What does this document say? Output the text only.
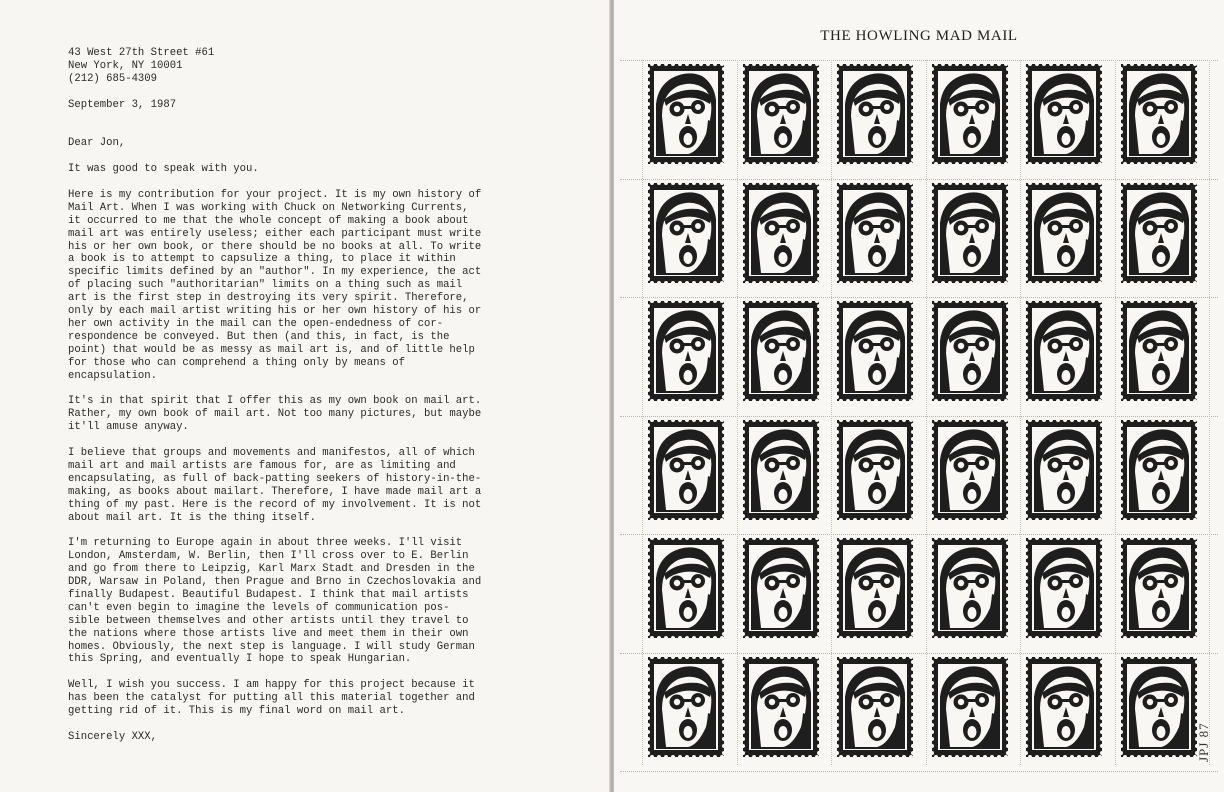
43 West 27th Street #61
New York, NY 10001
(212) 685-4309
September 3, 1987
Dear Jon,
It was good to speak with you.
Here is my contribution for your project. It is my own history of
Mail Art. When I was working with Chuck on Networking Currents,
it occurred to me that the whole concept of making a book about
mail art was entirely useless; either each participant must write
his or her own book, or there should be no books at all. To write
a book is to attempt to capsulize a thing, to place it within
specific limits defined by an "author". In my experience, the act
of placing such "authoritarian" limits on a thing such as mail
art is the first step in destroying its very spirit. Therefore,
only by each mail artist writing his or her own history of his or
her own activity in the mail can the open-endedness of cor-
respondence be conveyed. But then (and this, in fact, is the
point) that would be as messy as mail art is, and of little help
for those who can comprehend a thing only by means of
encapsulation.
It's in that spirit that I offer this as my own book on mail art.
Rather, my own book of mail art. Not too many pictures, but maybe
it'll amuse anyway.
I believe that groups and movements and manifestos, all of which
mail art and mail artists are famous for, are as limiting and
encapsulating, as full of back-patting seekers of history-in-the-
making, as books about mailart. Therefore, I have made mail art a
thing of my past. Here is the record of my involvement. It is not
about mail art. It is the thing itself.
I'm returning to Europe again in about three weeks. I'll visit
London, Amsterdam, W. Berlin, then I'll cross over to E. Berlin
and go from there to Leipzig, Karl Marx Stadt and Dresden in the
DDR, Warsaw in Poland, then Prague and Brno in Czechoslovakia and
finally Budapest. Beautiful Budapest. I think that mail artists
can't even begin to imagine the levels of communication pos-
sible between themselves and other artists until they travel to
the nations where those artists live and meet them in their own
homes. Obviously, the next step is language. I will study German
this Spring, and eventually I hope to speak Hungarian.
Well, I wish you success. I am happy for this project because it
has been the catalyst for putting all this material together and
getting rid of it. This is my final word on mail art.
Sincerely XXX,
THE HOWLING MAD MAIL
JPJ 87
